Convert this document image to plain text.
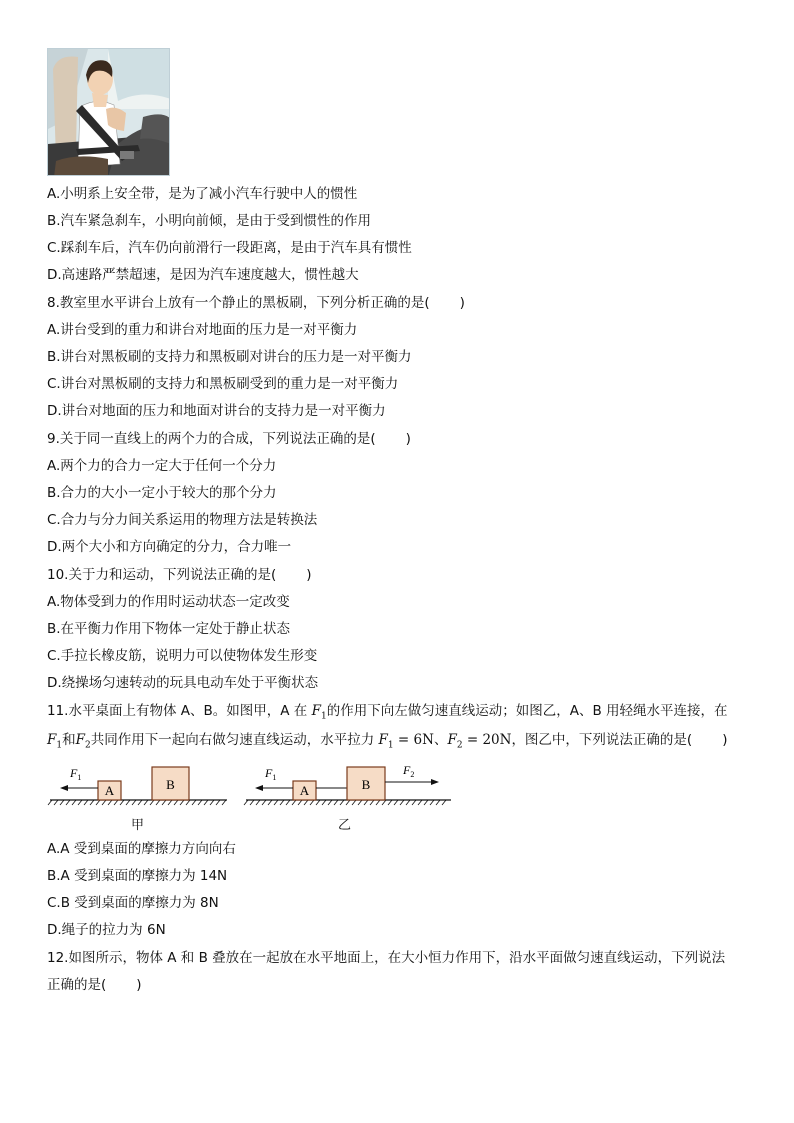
A.小明系上安全带，是为了减小汽车行驶中人的惯性
B.汽车紧急刹车，小明向前倾，是由于受到惯性的作用
C.踩刹车后，汽车仍向前滑行一段距离，是由于汽车具有惯性
D.高速路严禁超速，是因为汽车速度越大，惯性越大
8.教室里水平讲台上放有一个静止的黑板刷，下列分析正确的是( )
A.讲台受到的重力和讲台对地面的压力是一对平衡力
B.讲台对黑板刷的支持力和黑板刷对讲台的压力是一对平衡力
C.讲台对黑板刷的支持力和黑板刷受到的重力是一对平衡力
D.讲台对地面的压力和地面对讲台的支持力是一对平衡力
9.关于同一直线上的两个力的合成，下列说法正确的是( )
A.两个力的合力一定大于任何一个分力
B.合力的大小一定小于较大的那个分力
C.合力与分力间关系运用的物理方法是转换法
D.两个大小和方向确定的分力，合力唯一
10.关于力和运动，下列说法正确的是( )
A.物体受到力的作用时运动状态一定改变
B.在平衡力作用下物体一定处于静止状态
C.手拉长橡皮筋，说明力可以使物体发生形变
D.绕操场匀速转动的玩具电动车处于平衡状态
11.水平桌面上有物体 A、B。如图甲，A 在 $F_1$的作用下向左做匀速直线运动；如图乙，A、B 用轻绳水平连接，在
$F_1$和$F_2$共同作用下一起向右做匀速直线运动，水平拉力 $F_1 = 6N$、$F_2 = 20N$，图乙中，下列说法正确的是( )
A	B
$F_1$
甲
A	B
$F_1$
$F_2$
乙
A.A 受到桌面的摩擦力方向向右
B.A 受到桌面的摩擦力为 14N
C.B 受到桌面的摩擦力为 8N
D.绳子的拉力为 6N
12.如图所示，物体 A 和 B 叠放在一起放在水平地面上，在大小恒力作用下，沿水平面做匀速直线运动，下列说法
正确的是( )
